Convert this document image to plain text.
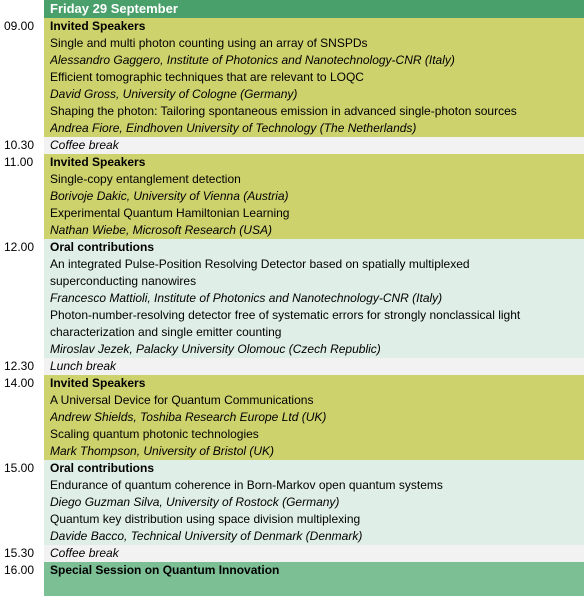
Friday 29 September
09.00	Invited Speakers
Single and multi photon counting using an array of SNSPDs
Alessandro Gaggero, Institute of Photonics and Nanotechnology-CNR (Italy)
Efficient tomographic techniques that are relevant to LOQC
David Gross, University of Cologne (Germany)
Shaping the photon: Tailoring spontaneous emission in advanced single-photon sources
Andrea Fiore, Eindhoven University of Technology (The Netherlands)
10.30	Coffee break
11.00	Invited Speakers
Single-copy entanglement detection
Borivoje Dakic, University of Vienna (Austria)
Experimental Quantum Hamiltonian Learning
Nathan Wiebe, Microsoft Research (USA)
12.00	Oral contributions
An integrated Pulse-Position Resolving Detector based on spatially multiplexed
superconducting nanowires
Francesco Mattioli, Institute of Photonics and Nanotechnology-CNR (Italy)
Photon-number-resolving detector free of systematic errors for strongly nonclassical light
characterization and single emitter counting
Miroslav Jezek, Palacky University Olomouc (Czech Republic)
12.30	Lunch break
14.00	Invited Speakers
A Universal Device for Quantum Communications
Andrew Shields, Toshiba Research Europe Ltd (UK)
Scaling quantum photonic technologies
Mark Thompson, University of Bristol (UK)
15.00	Oral contributions
Endurance of quantum coherence in Born-Markov open quantum systems
Diego Guzman Silva, University of Rostock (Germany)
Quantum key distribution using space division multiplexing
Davide Bacco, Technical University of Denmark (Denmark)
15.30	Coffee break
16.00	Special Session on Quantum Innovation
